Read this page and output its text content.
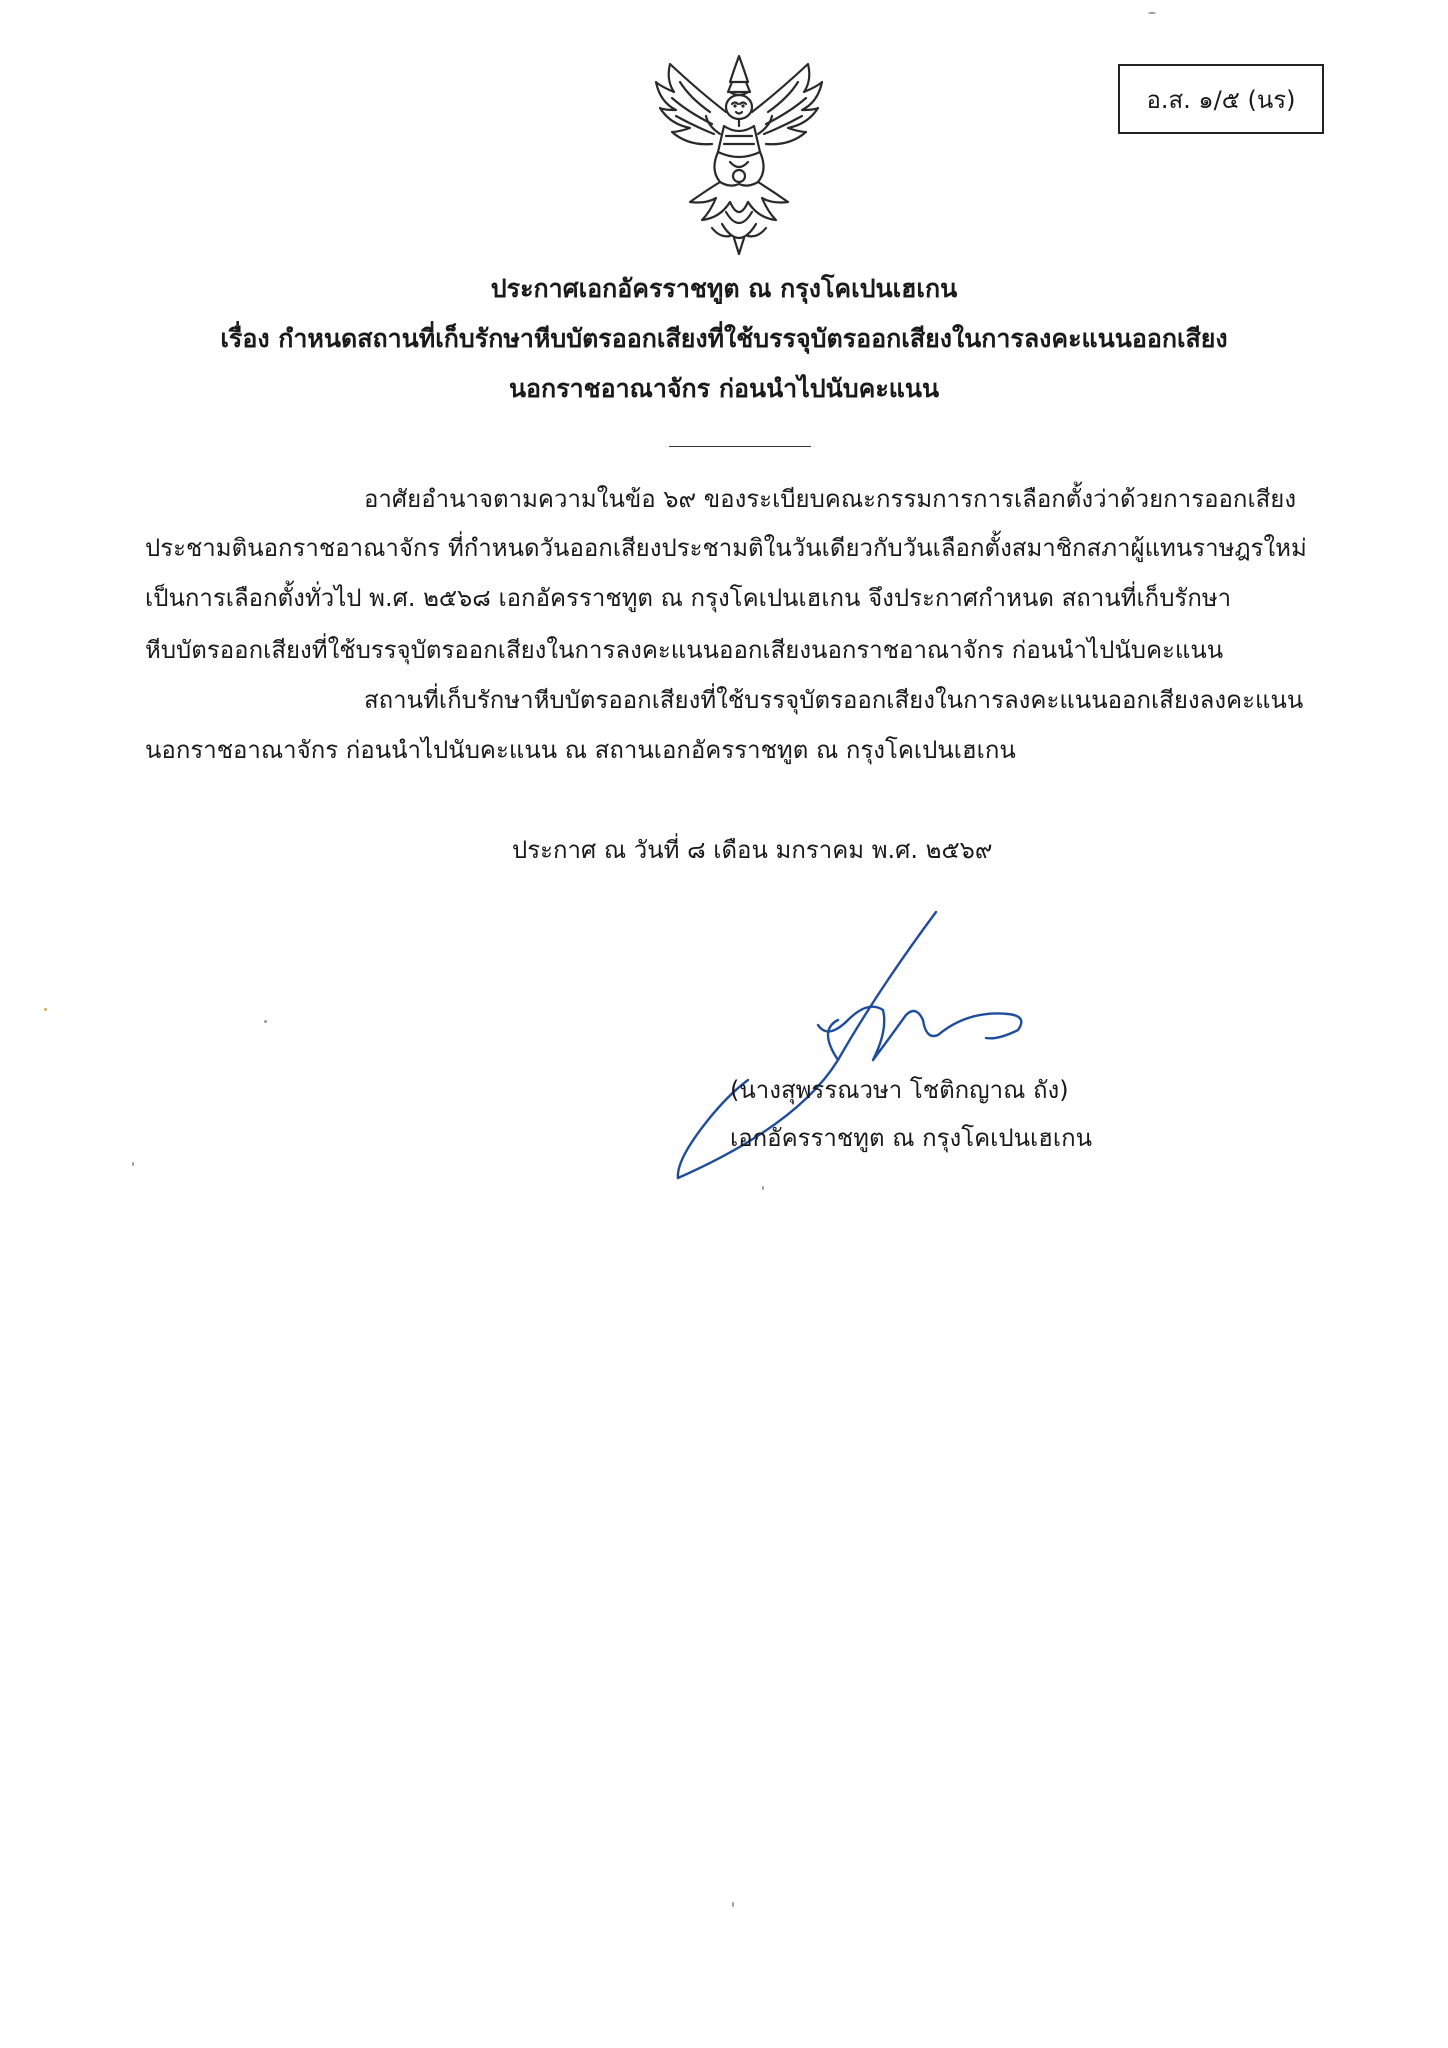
อ.ส. ๑/๕ (นร)
ประกาศเอกอัครราชทูต ณ กรุงโคเปนเฮเกน
เรื่อง กำหนดสถานที่เก็บรักษาหีบบัตรออกเสียงที่ใช้บรรจุบัตรออกเสียงในการลงคะแนนออกเสียง
นอกราชอาณาจักร ก่อนนำไปนับคะแนน
อาศัยอำนาจตามความในข้อ ๖๙ ของระเบียบคณะกรรมการการเลือกตั้งว่าด้วยการออกเสียง
ประชามตินอกราชอาณาจักร ที่กำหนดวันออกเสียงประชามติในวันเดียวกับวันเลือกตั้งสมาชิกสภาผู้แทนราษฎรใหม่
เป็นการเลือกตั้งทั่วไป พ.ศ. ๒๕๖๘ เอกอัครราชทูต ณ กรุงโคเปนเฮเกน จึงประกาศกำหนด สถานที่เก็บรักษา
หีบบัตรออกเสียงที่ใช้บรรจุบัตรออกเสียงในการลงคะแนนออกเสียงนอกราชอาณาจักร ก่อนนำไปนับคะแนน
สถานที่เก็บรักษาหีบบัตรออกเสียงที่ใช้บรรจุบัตรออกเสียงในการลงคะแนนออกเสียงลงคะแนน
นอกราชอาณาจักร ก่อนนำไปนับคะแนน ณ สถานเอกอัครราชทูต ณ กรุงโคเปนเฮเกน
ประกาศ ณ วันที่ ๘ เดือน มกราคม พ.ศ. ๒๕๖๙
(นางสุพรรณวษา โชติกญาณ ถัง)
เอกอัครราชทูต ณ กรุงโคเปนเฮเกน
